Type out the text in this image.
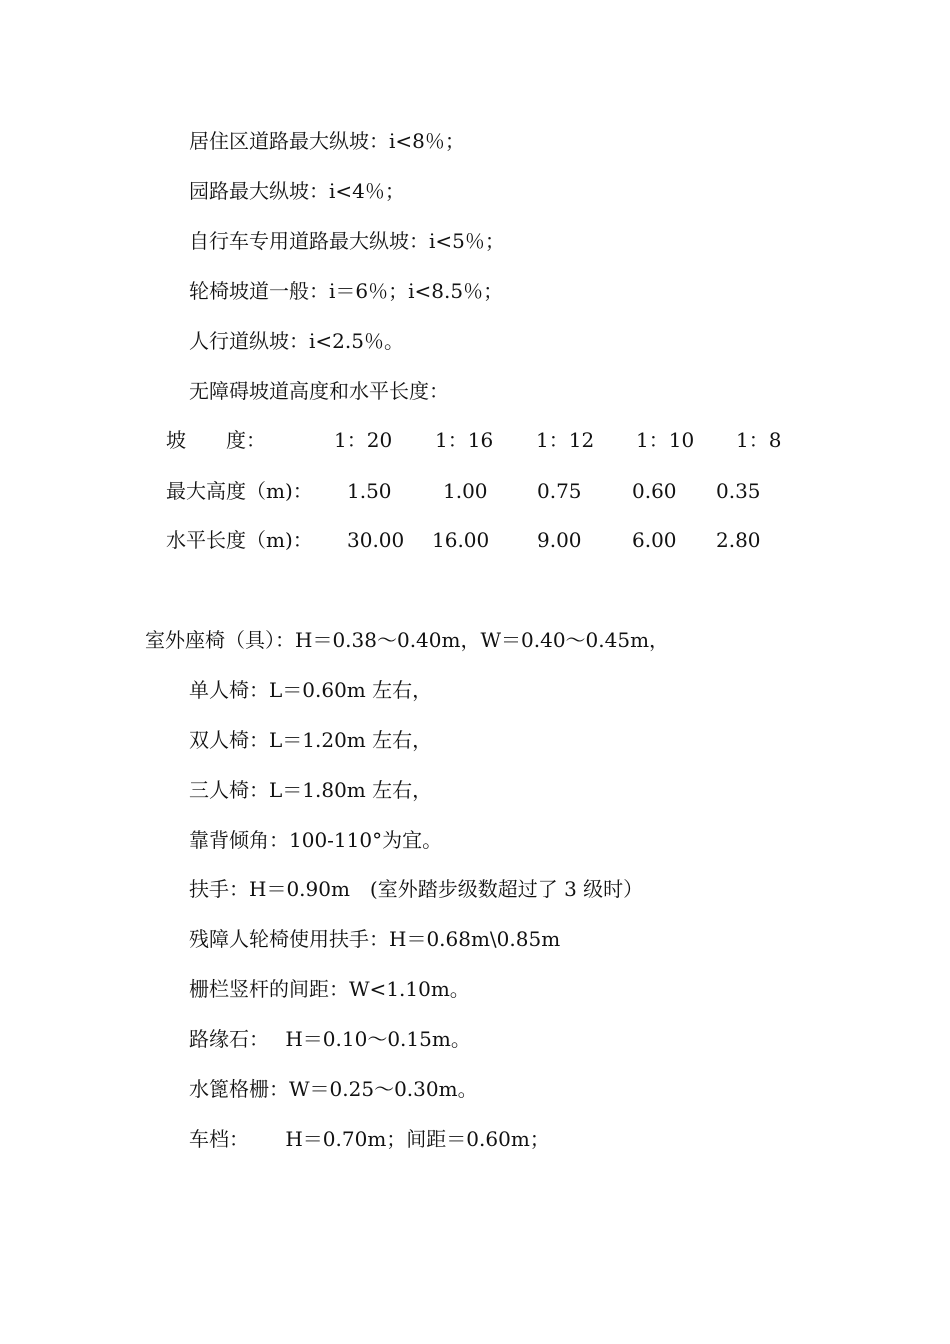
居住区道路最大纵坡：i<8％；
园路最大纵坡：i<4％；
自行车专用道路最大纵坡：i<5％；
轮椅坡道一般：i＝6％；i<8.5％；
人行道纵坡：i<2.5％。
无障碍坡道高度和水平长度：
坡　　度：	1：20 1：16 1：12 1：10 1：8
最大高度（m)： 1.50	1.00 0.75	0.60 0.35
水平长度（m)： 30.00 16.00 9.00	6.00 2.80
室外座椅（具）：H＝0.38～0.40m，W＝0.40～0.45m，
单人椅：L＝0.60m 左右，
双人椅：L＝1.20m 左右，
三人椅：L＝1.80m 左右，
靠背倾角：100-110°为宜。
扶手：H＝0.90m　(室外踏步级数超过了 3 级时）
残障人轮椅使用扶手：H＝0.68m\0.85m
栅栏竖杆的间距：W<1.10m。
路缘石：　 H＝0.10～0.15m。
水篦格栅：W＝0.25～0.30m。
车档：　　 H＝0.70m；间距＝0.60m；
